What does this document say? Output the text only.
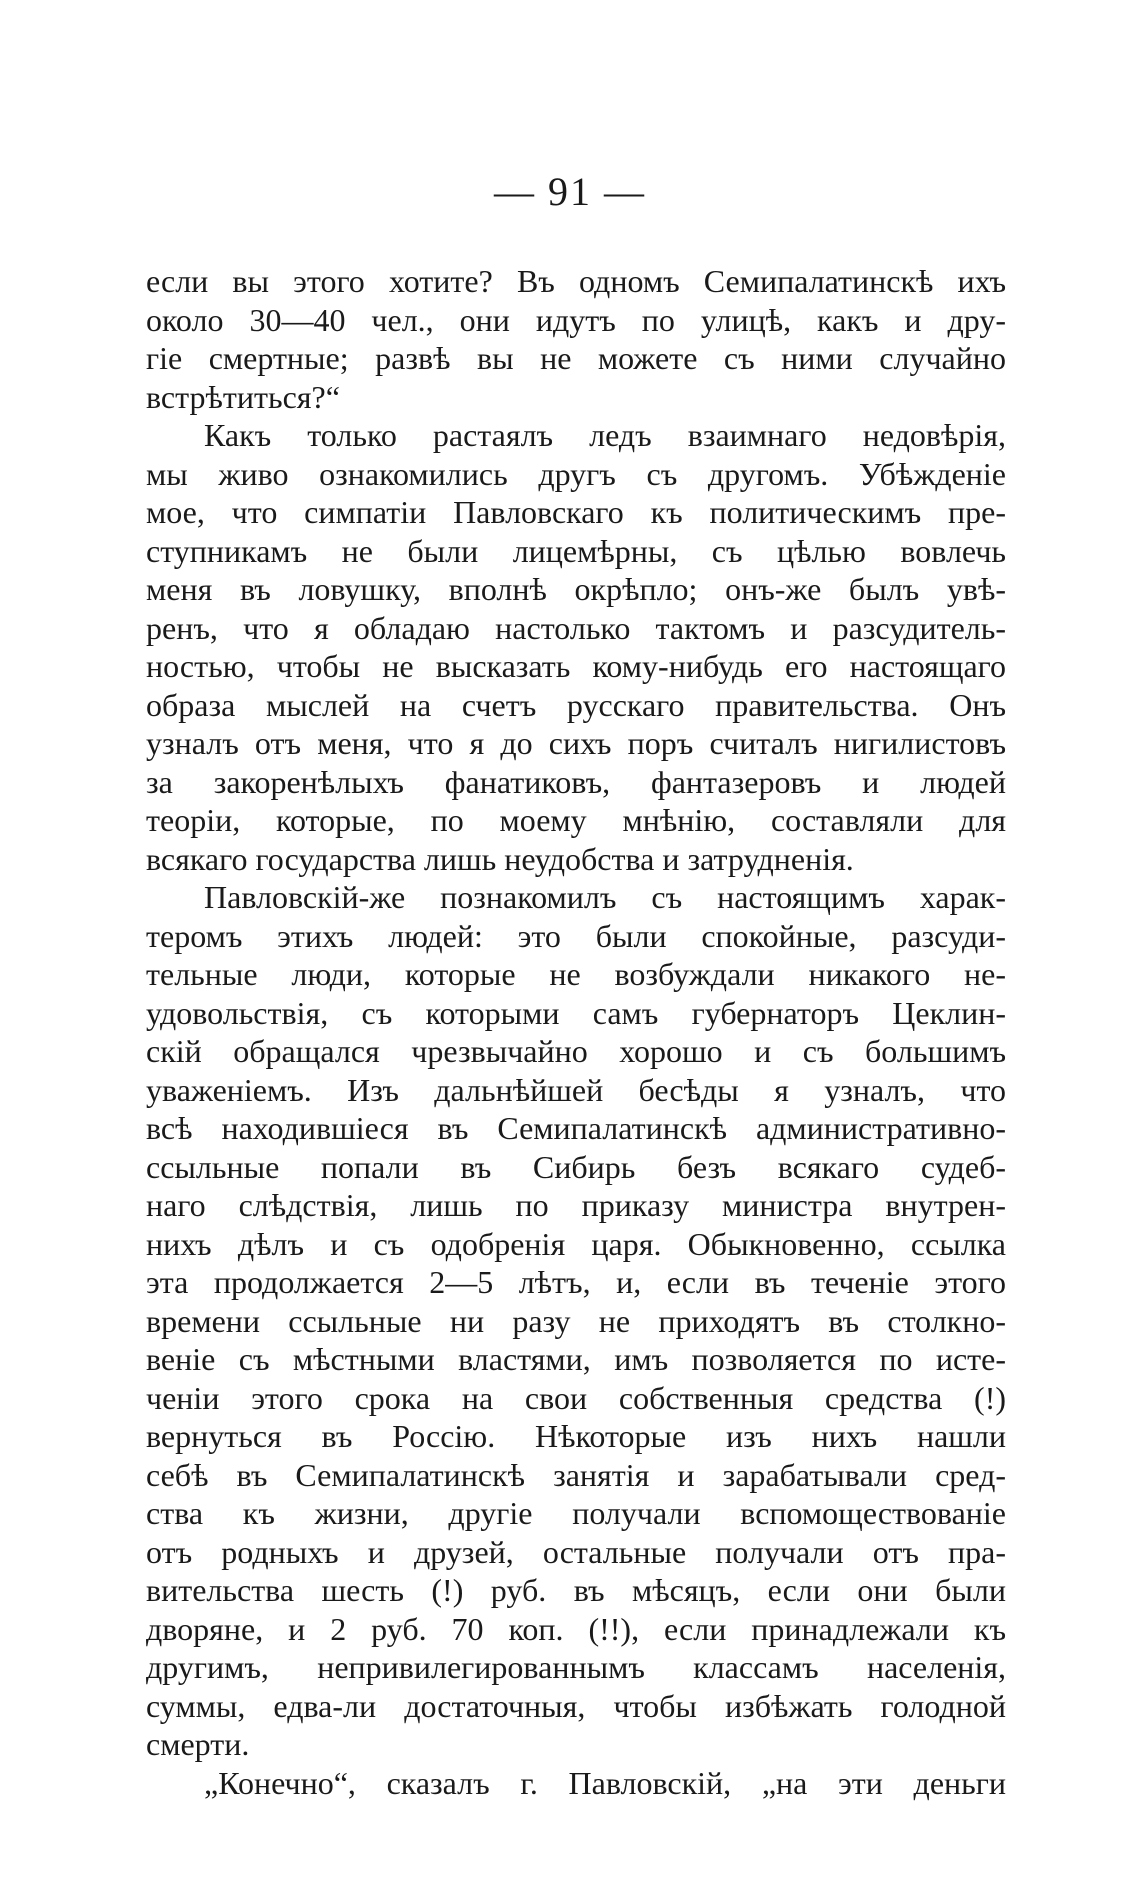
— 91 —
если вы этого хотите? Въ одномъ Семипалатинскѣ ихъ
около 30—40 чел., они идутъ по улицѣ, какъ и дру-
гіе смертные; развѣ вы не можете съ ними случайно
встрѣтиться?“
Какъ только растаялъ ледъ взаимнаго недовѣрія,
мы живо ознакомились другъ съ другомъ. Убѣжденіе
мое, что симпатіи Павловскаго къ политическимъ пре-
ступникамъ не были лицемѣрны, съ цѣлью вовлечь
меня въ ловушку, вполнѣ окрѣпло; онъ-же былъ увѣ-
ренъ, что я обладаю настолько тактомъ и разсудитель-
ностью, чтобы не высказать кому-нибудь его настоящаго
образа мыслей на счетъ русскаго правительства. Онъ
узналъ отъ меня, что я до сихъ поръ считалъ нигилистовъ
за закоренѣлыхъ фанатиковъ, фантазеровъ и людей
теоріи, которые, по моему мнѣнію, составляли для
всякаго государства лишь неудобства и затрудненія.
Павловскій-же познакомилъ съ настоящимъ харак-
теромъ этихъ людей: это были спокойные, разсуди-
тельные люди, которые не возбуждали никакого не-
удовольствія, съ которыми самъ губернаторъ Цеклин-
скій обращался чрезвычайно хорошо и съ большимъ
уваженіемъ. Изъ дальнѣйшей бесѣды я узналъ, что
всѣ находившіеся въ Семипалатинскѣ административно-
ссыльные попали въ Сибирь безъ всякаго судеб-
наго слѣдствія, лишь по приказу министра внутрен-
нихъ дѣлъ и съ одобренія царя. Обыкновенно, ссылка
эта продолжается 2—5 лѣтъ, и, если въ теченіе этого
времени ссыльные ни разу не приходятъ въ столкно-
веніе съ мѣстными властями, имъ позволяется по исте-
ченіи этого срока на свои собственныя средства (!)
вернуться въ Россію. Нѣкоторые изъ нихъ нашли
себѣ въ Семипалатинскѣ занятія и зарабатывали сред-
ства къ жизни, другіе получали вспомоществованіе
отъ родныхъ и друзей, остальные получали отъ пра-
вительства шесть (!) руб. въ мѣсяцъ, если они были
дворяне, и 2 руб. 70 коп. (!!), если принадлежали къ
другимъ, непривилегированнымъ классамъ населенія,
суммы, едва-ли достаточныя, чтобы избѣжать голодной
смерти.
„Конечно“, сказалъ г. Павловскій, „на эти деньги
